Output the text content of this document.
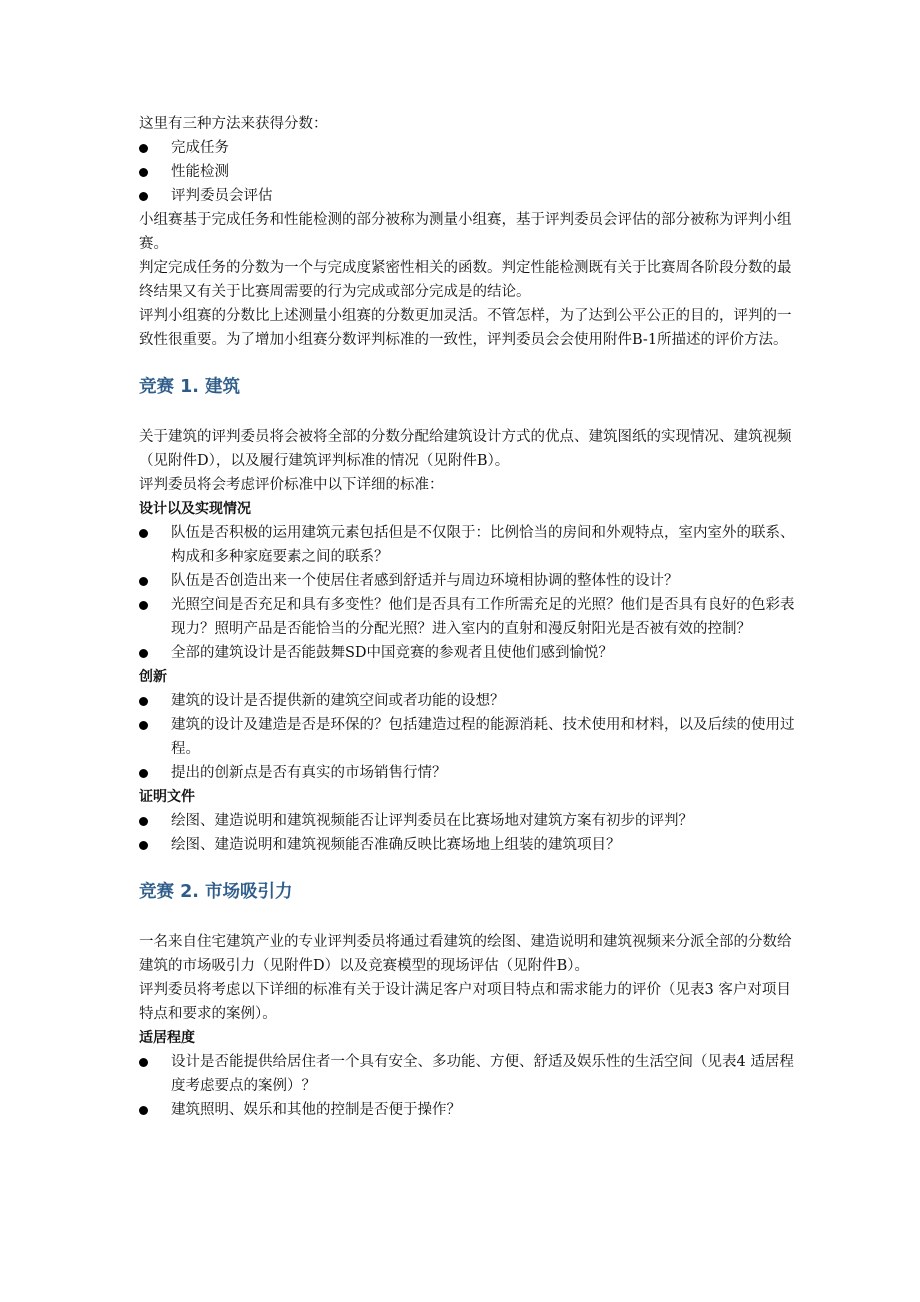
这里有三种方法来获得分数：

完成任务
性能检测
评判委员会评估

小组赛基于完成任务和性能检测的部分被称为测量小组赛，基于评判委员会评估的部分被称为评判小组赛。

判定完成任务的分数为一个与完成度紧密性相关的函数。判定性能检测既有关于比赛周各阶段分数的最终结果又有关于比赛周需要的行为完成或部分完成是的结论。

评判小组赛的分数比上述测量小组赛的分数更加灵活。不管怎样，为了达到公平公正的目的，评判的一致性很重要。为了增加小组赛分数评判标准的一致性，评判委员会会使用附件B-1所描述的评价方法。

竞赛 1. 建筑

关于建筑的评判委员将会被将全部的分数分配给建筑设计方式的优点、建筑图纸的实现情况、建筑视频（见附件D），以及履行建筑评判标准的情况（见附件B）。

评判委员将会考虑评价标准中以下详细的标准：

设计以及实现情况

队伍是否积极的运用建筑元素包括但是不仅限于：比例恰当的房间和外观特点，室内室外的联系、构成和多种家庭要素之间的联系？
队伍是否创造出来一个使居住者感到舒适并与周边环境相协调的整体性的设计？
光照空间是否充足和具有多变性？他们是否具有工作所需充足的光照？他们是否具有良好的色彩表现力？照明产品是否能恰当的分配光照？进入室内的直射和漫反射阳光是否被有效的控制？
全部的建筑设计是否能鼓舞SD中国竞赛的参观者且使他们感到愉悦？

创新

建筑的设计是否提供新的建筑空间或者功能的设想？
建筑的设计及建造是否是环保的？包括建造过程的能源消耗、技术使用和材料，以及后续的使用过程。
提出的创新点是否有真实的市场销售行情？

证明文件

绘图、建造说明和建筑视频能否让评判委员在比赛场地对建筑方案有初步的评判？
绘图、建造说明和建筑视频能否准确反映比赛场地上组装的建筑项目？
竞赛 2. 市场吸引力

一名来自住宅建筑产业的专业评判委员将通过看建筑的绘图、建造说明和建筑视频来分派全部的分数给建筑的市场吸引力（见附件D）以及竞赛模型的现场评估（见附件B）。

评判委员将考虑以下详细的标准有关于设计满足客户对项目特点和需求能力的评价（见表3 客户对项目特点和要求的案例）。

适居程度

设计是否能提供给居住者一个具有安全、多功能、方便、舒适及娱乐性的生活空间（见表4 适居程度考虑要点的案例）？
建筑照明、娱乐和其他的控制是否便于操作？
